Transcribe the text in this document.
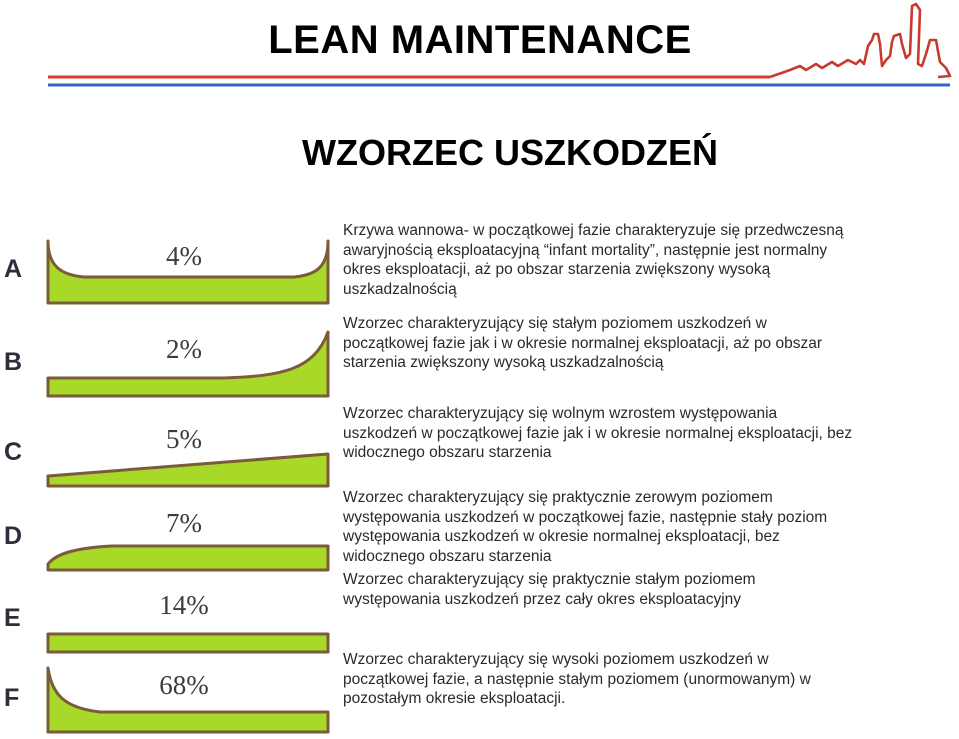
LEAN MAINTENANCE
WZORZEC USZKODZEŃ
A	4%
Krzywa wannowa- w początkowej fazie charakteryzuje się przedwczesną
awaryjnością eksploatacyjną “infant mortality”, następnie jest normalny
okres eksploatacji, aż po obszar starzenia zwiększony wysoką
uszkadzalnością
B	2%
Wzorzec charakteryzujący się stałym poziomem uszkodzeń w
początkowej fazie jak i w okresie normalnej eksploatacji, aż po obszar
starzenia zwiększony wysoką uszkadzalnością
C	5%
Wzorzec charakteryzujący się wolnym wzrostem występowania
uszkodzeń w początkowej fazie jak i w okresie normalnej eksploatacji, bez
widocznego obszaru starzenia
D	7%
Wzorzec charakteryzujący się praktycznie zerowym poziomem
występowania uszkodzeń w początkowej fazie, następnie stały poziom
występowania uszkodzeń w okresie normalnej eksploatacji, bez
widocznego obszaru starzenia
E	14%
Wzorzec charakteryzujący się praktycznie stałym poziomem
występowania uszkodzeń przez cały okres eksploatacyjny
F	68%
Wzorzec charakteryzujący się wysoki poziomem uszkodzeń w
początkowej fazie, a następnie stałym poziomem (unormowanym) w
pozostałym okresie eksploatacji.
